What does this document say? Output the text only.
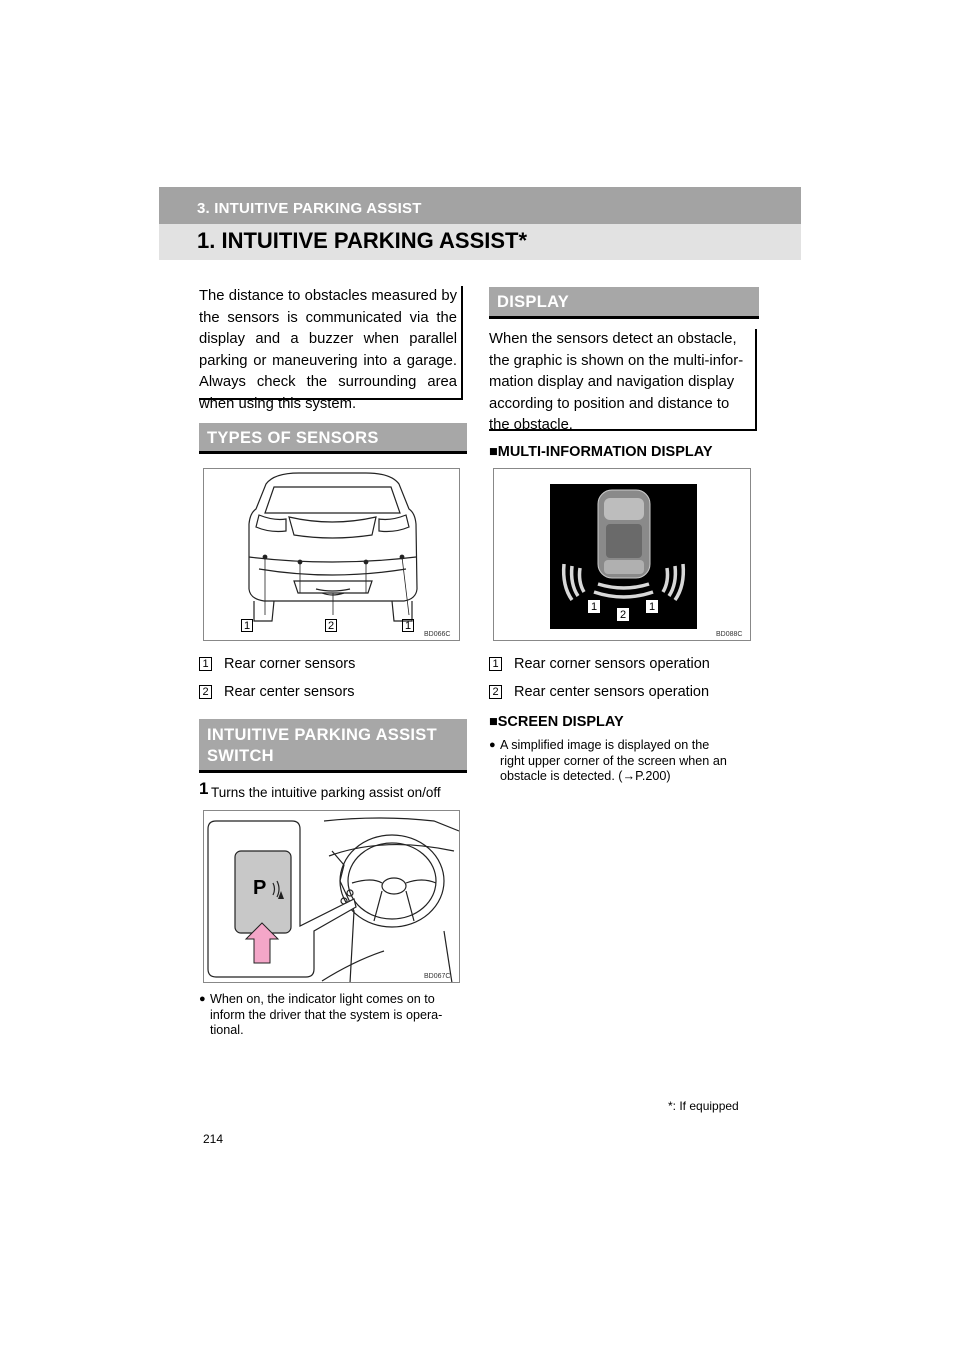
3. INTUITIVE PARKING ASSIST
1. INTUITIVE PARKING ASSIST*

The distance to obstacles measured by the sensors is communicated via the display and a buzzer when parallel parking or maneuvering into a garage. Always check the surrounding area when using this system.

TYPES OF SENSORS
1	2	1
BD066C
1 Rear corner sensors
2 Rear center sensors
INTUITIVE PARKING ASSIST
SWITCH
1 Turns the intuitive parking assist on/off
P
BD067C
● When on, the indicator light comes on to
inform the driver that the system is opera-
tional.
DISPLAY
When the sensors detect an obstacle,
the graphic is shown on the multi-infor-
mation display and navigation display
according to position and distance to
the obstacle.
■MULTI-INFORMATION DISPLAY
1
2
1
BD088C
1 Rear corner sensors operation
2 Rear center sensors operation
■SCREEN DISPLAY
● A simplified image is displayed on the
right upper corner of the screen when an
obstacle is detected. (→P.200)
*: If equipped
214
